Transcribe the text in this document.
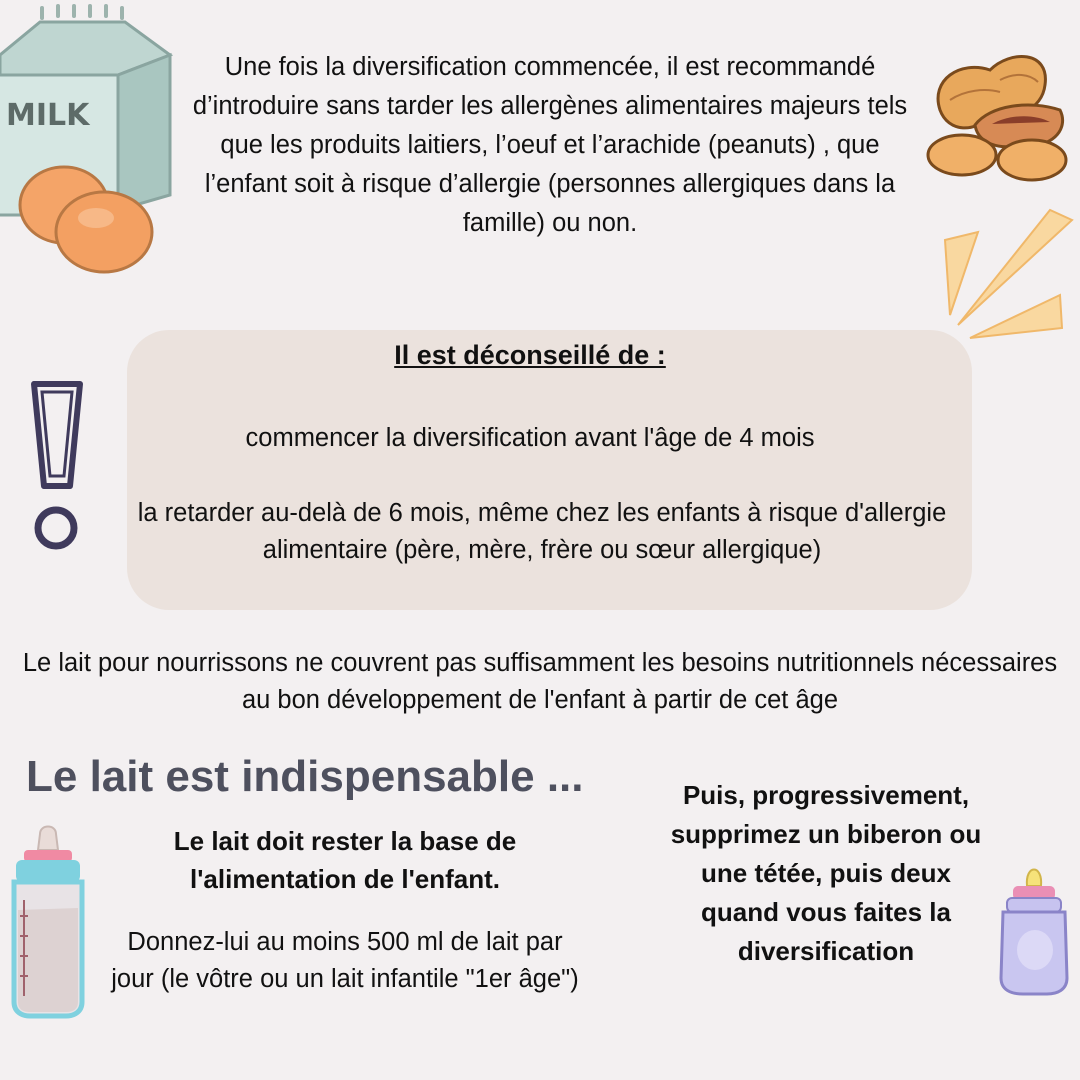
MILK
Une fois la diversification commencée, il est recommandé d’introduire sans tarder les allergènes alimentaires majeurs tels que les produits laitiers, l’oeuf et l’arachide (peanuts) , que l’enfant soit à risque d’allergie (personnes allergiques dans la famille) ou non.
Il est déconseillé de :
commencer la diversification avant l'âge de 4 mois
la retarder au-delà de 6 mois, même chez les enfants à risque d'allergie alimentaire (père, mère, frère ou sœur allergique)
Le lait pour nourrissons ne couvrent pas suffisamment les besoins nutritionnels nécessaires au bon développement de l'enfant à partir de cet âge
Le lait est indispensable ...
Le lait doit rester la base de l'alimentation de l'enfant.
Donnez-lui au moins 500 ml de lait par jour (le vôtre ou un lait infantile "1er âge")
Puis, progressivement, supprimez un biberon ou une tétée, puis deux quand vous faites la diversification
